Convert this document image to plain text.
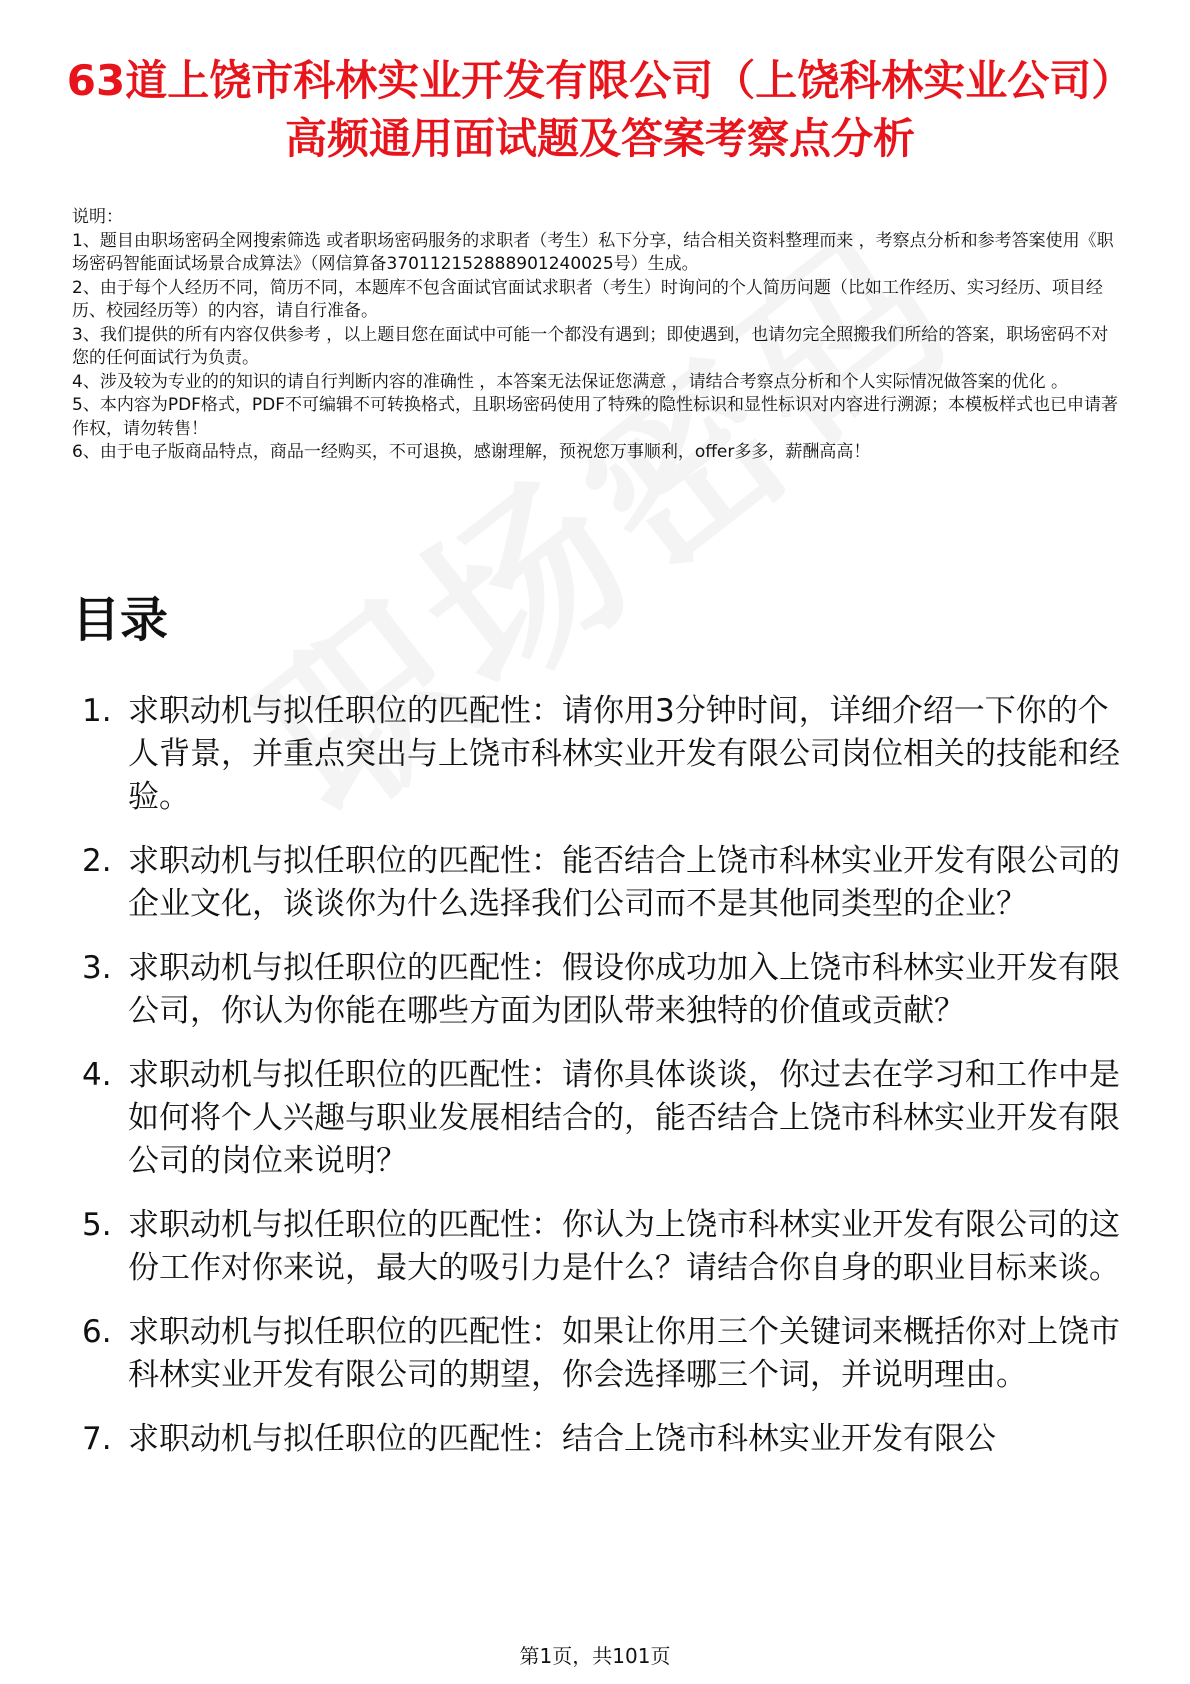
63道上饶市科林实业开发有限公司（上饶科林实业公司）高频通用面试题及答案考察点分析

说明：

1、题目由职场密码全网搜索筛选 或者职场密码服务的求职者（考生）私下分享，结合相关资料整理而来 ，考察点分析和参考答案使用《职场密码智能面试场景合成算法》（网信算备370112152888901240025号）生成。

2、由于每个人经历不同，简历不同，本题库不包含面试官面试求职者（考生）时询问的个人简历问题（比如工作经历、实习经历、项目经历、校园经历等）的内容，请自行准备。

3、我们提供的所有内容仅供参考 ，以上题目您在面试中可能一个都没有遇到；即使遇到，也请勿完全照搬我们所给的答案，职场密码不对您的任何面试行为负责。

4、涉及较为专业的的知识的请自行判断内容的准确性 ，本答案无法保证您满意 ，请结合考察点分析和个人实际情况做答案的优化 。

5、本内容为PDF格式，PDF不可编辑不可转换格式，且职场密码使用了特殊的隐性标识和显性标识对内容进行溯源；本模板样式也已申请著作权，请勿转售！

6、由于电子版商品特点，商品一经购买，不可退换，感谢理解，预祝您万事顺利，offer多多，薪酬高高！

目录
1. 求职动机与拟任职位的匹配性：请你用3分钟时间，详细介绍一下你的个人背景，并重点突出与上饶市科林实业开发有限公司岗位相关的技能和经验。
2. 求职动机与拟任职位的匹配性：能否结合上饶市科林实业开发有限公司的企业文化，谈谈你为什么选择我们公司而不是其他同类型的企业？
3. 求职动机与拟任职位的匹配性：假设你成功加入上饶市科林实业开发有限公司，你认为你能在哪些方面为团队带来独特的价值或贡献？
4. 求职动机与拟任职位的匹配性：请你具体谈谈，你过去在学习和工作中是如何将个人兴趣与职业发展相结合的，能否结合上饶市科林实业开发有限公司的岗位来说明？
5. 求职动机与拟任职位的匹配性：你认为上饶市科林实业开发有限公司的这份工作对你来说，最大的吸引力是什么？请结合你自身的职业目标来谈。
6. 求职动机与拟任职位的匹配性：如果让你用三个关键词来概括你对上饶市科林实业开发有限公司的期望，你会选择哪三个词，并说明理由。
7. 求职动机与拟任职位的匹配性：结合上饶市科林实业开发有限公
第1页，共101页
